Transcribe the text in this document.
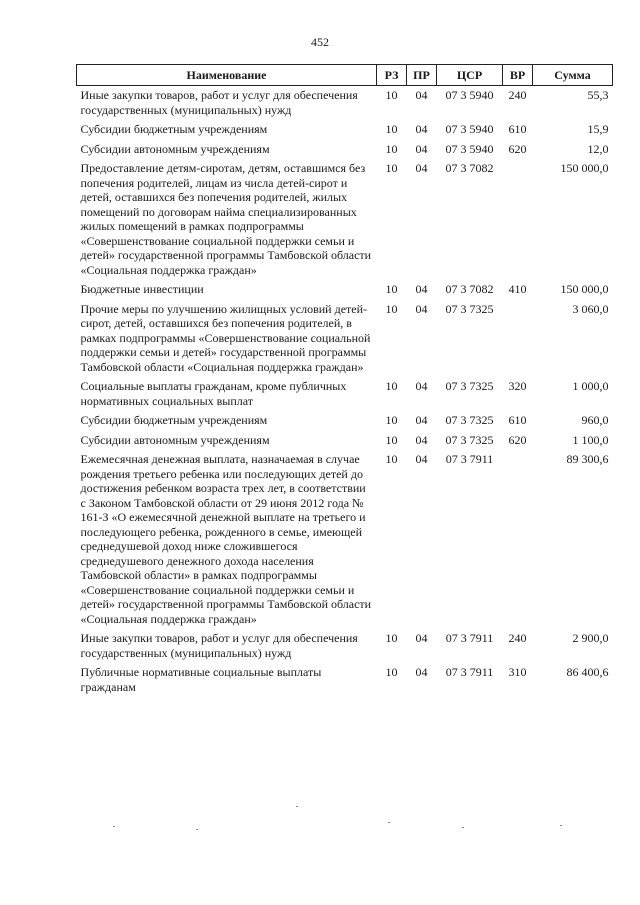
452
Наименование	РЗ	ПР	ЦСР	ВР	Сумма
Иные закупки товаров, работ и услуг для обеспечения государственных (муниципальных) нужд	10	04	07 3 5940	240	55,3
Субсидии бюджетным учреждениям	10	04	07 3 5940	610	15,9
Субсидии автономным учреждениям	10	04	07 3 5940	620	12,0
Предоставление детям-сиротам, детям, оставшимся без попечения родителей, лицам из числа детей-сирот и детей, оставшихся без попечения родителей, жилых помещений по договорам найма специализированных жилых помещений в рамках подпрограммы «Совершенствование социальной поддержки семьи и детей» государственной программы Тамбовской области «Социальная поддержка граждан»	10	04	07 3 7082		150 000,0
Бюджетные инвестиции	10	04	07 3 7082	410	150 000,0
Прочие меры по улучшению жилищных условий детей-сирот, детей, оставшихся без попечения родителей, в рамках подпрограммы «Совершенствование социальной поддержки семьи и детей» государственной программы Тамбовской области «Социальная поддержка граждан»	10	04	07 3 7325		3 060,0
Социальные выплаты гражданам, кроме публичных нормативных социальных выплат	10	04	07 3 7325	320	1 000,0
Субсидии бюджетным учреждениям	10	04	07 3 7325	610	960,0
Субсидии автономным учреждениям	10	04	07 3 7325	620	1 100,0
Ежемесячная денежная выплата, назначаемая в случае рождения третьего ребенка или последующих детей до достижения ребенком возраста трех лет, в соответствии с Законом Тамбовской области от 29 июня 2012 года № 161-З «О ежемесячной денежной выплате на третьего и последующего ребенка, рожденного в семье, имеющей среднедушевой доход ниже сложившегося среднедушевого денежного дохода населения Тамбовской области» в рамках подпрограммы «Совершенствование социальной поддержки семьи и детей» государственной программы Тамбовской области «Социальная поддержка граждан»	10	04	07 3 7911		89 300,6
Иные закупки товаров, работ и услуг для обеспечения государственных (муниципальных) нужд	10	04	07 3 7911	240	2 900,0
Публичные нормативные социальные выплаты гражданам	10	04	07 3 7911	310	86 400,6
